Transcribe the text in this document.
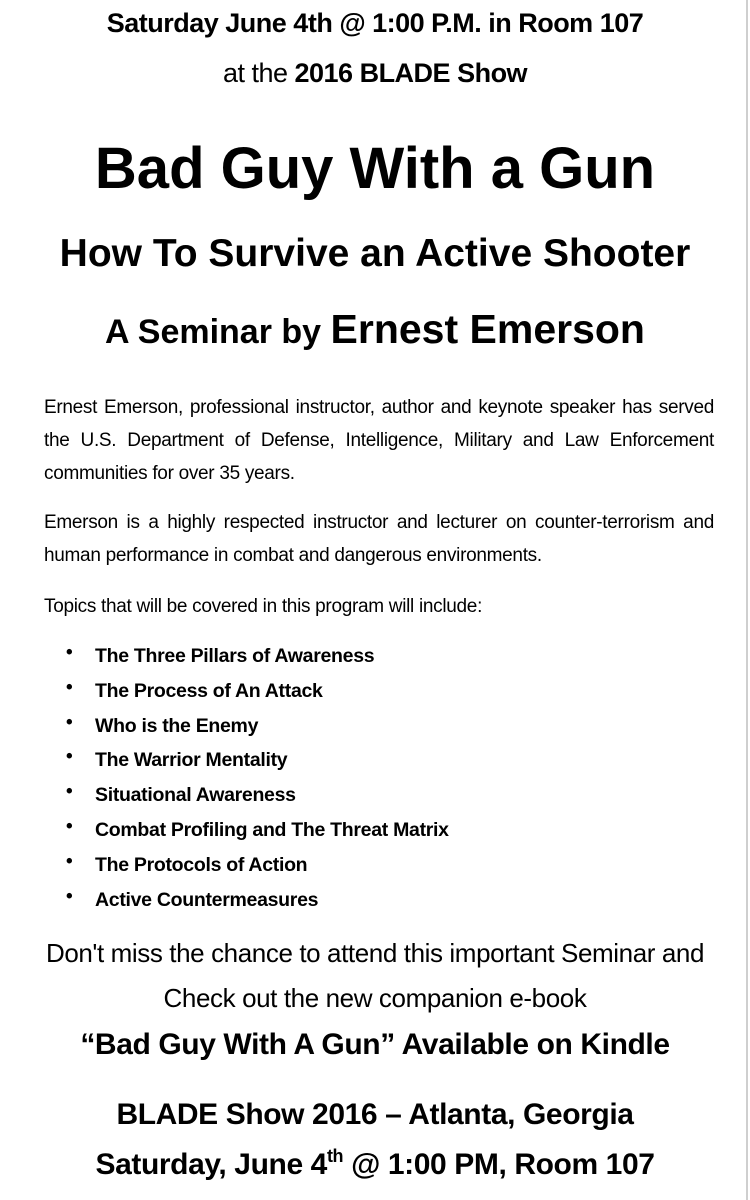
Saturday June 4th @ 1:00 P.M. in Room 107
at the 2016 BLADE Show
Bad Guy With a Gun
How To Survive an Active Shooter
A Seminar by Ernest Emerson
Ernest Emerson, professional instructor, author and keynote speaker has served the U.S. Department of Defense, Intelligence, Military and Law Enforcement communities for over 35 years.
Emerson is a highly respected instructor and lecturer on counter-terrorism and human performance in combat and dangerous environments.
Topics that will be covered in this program will include:
• The Three Pillars of Awareness
• The Process of An Attack
• Who is the Enemy
• The Warrior Mentality
• Situational Awareness
• Combat Profiling and The Threat Matrix
• The Protocols of Action
• Active Countermeasures
Don't miss the chance to attend this important Seminar and
Check out the new companion e-book
“Bad Guy With A Gun” Available on Kindle
BLADE Show 2016 – Atlanta, Georgia
Saturday, June 4th @ 1:00 PM, Room 107
